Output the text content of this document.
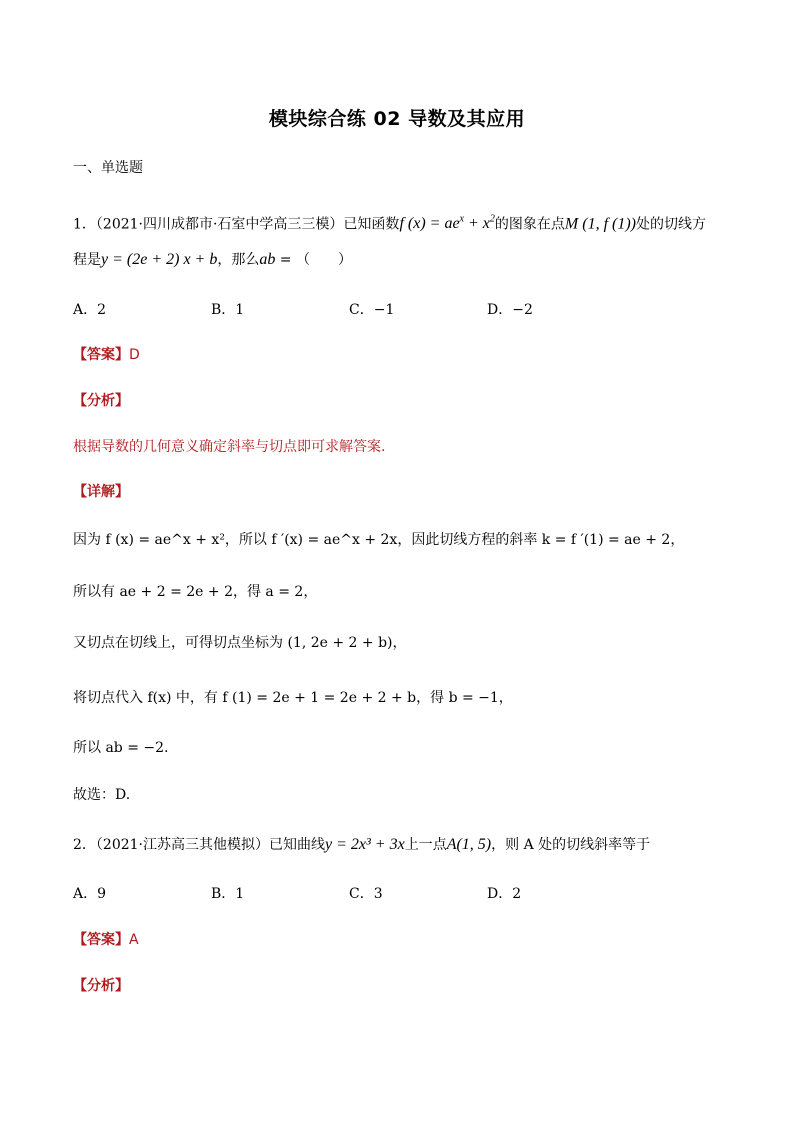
模块综合练 02 导数及其应用
一、单选题
1．（2021·四川成都市·石室中学高三三模）已知函数f $(x) = ae^x + x^2$的图象在点M (1, f (1))处的切线方
程是y = (2e + 2) x + b，那么ab = （　　）
A．2	B．1	C．−1	D．−2
【答案】D
【分析】
根据导数的几何意义确定斜率与切点即可求解答案.
【详解】
因为 f (x) = ae^x + x²，所以 f ′(x) = ae^x + 2x，因此切线方程的斜率 k = f ′(1) = ae + 2，
所以有 ae + 2 = 2e + 2，得 a = 2，
又切点在切线上，可得切点坐标为 (1, 2e + 2 + b)，
将切点代入 f(x) 中，有 f (1) = 2e + 1 = 2e + 2 + b，得 b = −1，
所以 ab = −2.
故选：D.
2．（2021·江苏高三其他模拟）已知曲线y = 2x³ + 3x上一点A(1, 5)，则 A 处的切线斜率等于
A．9	B．1	C．3	D．2
【答案】A
【分析】
